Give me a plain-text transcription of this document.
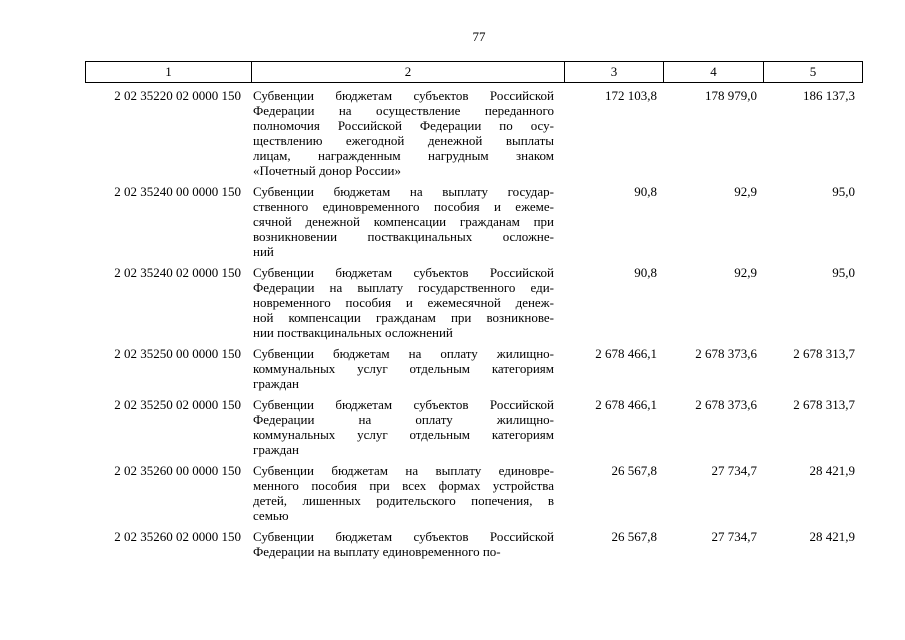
77
1	2	3	4	5
2 02 35220 02 0000 150 Субвенции бюджетам субъектов Российской
Федерации на осуществление переданного
полномочия Российской Федерации по осу-
ществлению ежегодной денежной выплаты
лицам, награжденным нагрудным знаком
«Почетный донор России»
172 103,8	178 979,0	186 137,3
2 02 35240 00 0000 150 Субвенции бюджетам на выплату государ-
ственного единовременного пособия и ежеме-
сячной денежной компенсации гражданам при
возникновении поствакцинальных осложне-
ний
90,8	92,9	95,0
2 02 35240 02 0000 150 Субвенции бюджетам субъектов Российской
Федерации на выплату государственного еди-
новременного пособия и ежемесячной денеж-
ной компенсации гражданам при возникнове-
нии поствакцинальных осложнений
90,8	92,9	95,0
2 02 35250 00 0000 150 Субвенции бюджетам на оплату жилищно-
коммунальных услуг отдельным категориям
граждан
2 678 466,1	2 678 373,6	2 678 313,7
2 02 35250 02 0000 150 Субвенции бюджетам субъектов Российской
Федерации на оплату жилищно-
коммунальных услуг отдельным категориям
граждан
2 678 466,1	2 678 373,6	2 678 313,7
2 02 35260 00 0000 150 Субвенции бюджетам на выплату единовре-
менного пособия при всех формах устройства
детей, лишенных родительского попечения, в
семью
26 567,8	27 734,7	28 421,9
2 02 35260 02 0000 150 Субвенции бюджетам субъектов Российской
Федерации на выплату единовременного по-
26 567,8	27 734,7	28 421,9
